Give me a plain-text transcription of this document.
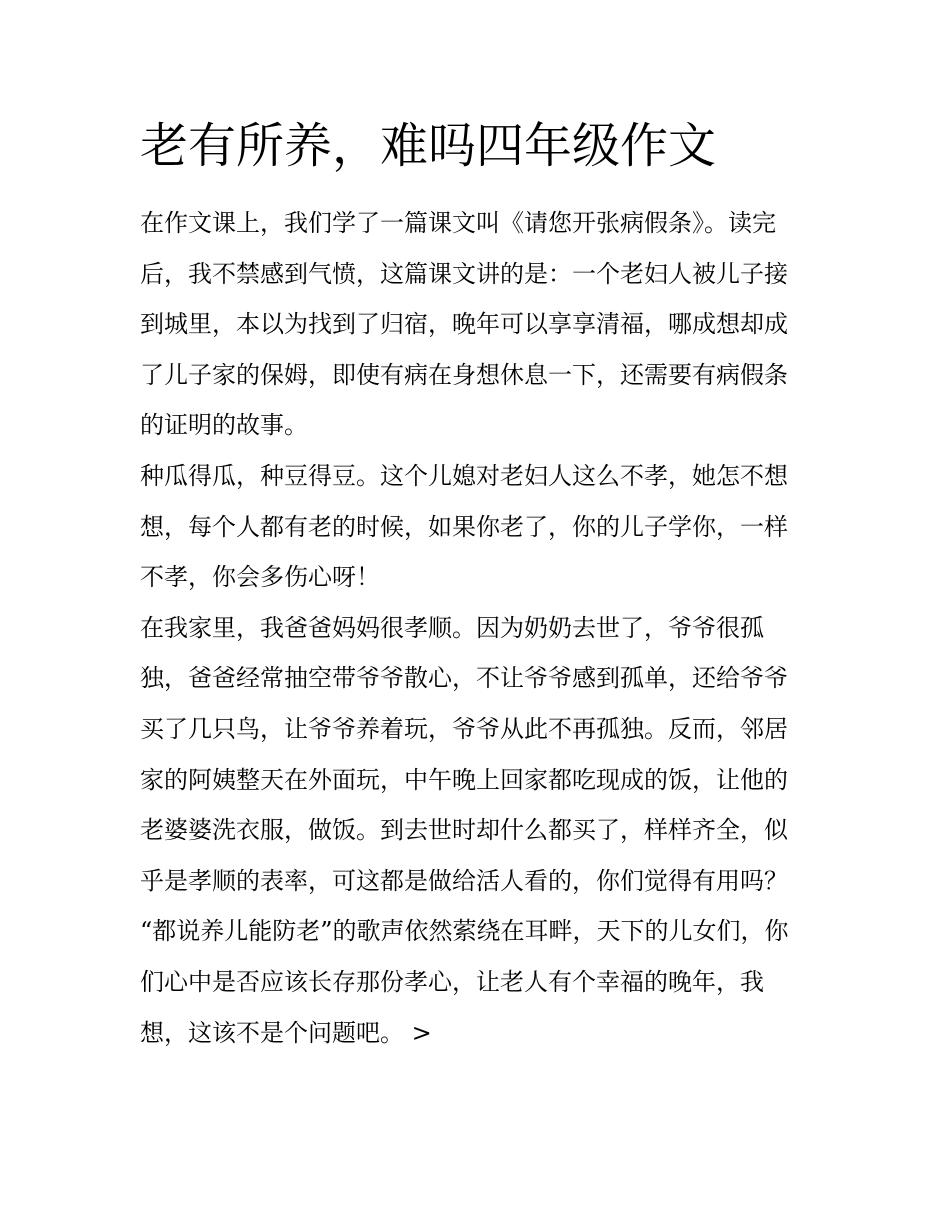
老有所养，难吗四年级作文
在作文课上，我们学了一篇课文叫《请您开张病假条》。读完
后，我不禁感到气愤，这篇课文讲的是：一个老妇人被儿子接
到城里，本以为找到了归宿，晚年可以享享清福，哪成想却成
了儿子家的保姆，即使有病在身想休息一下，还需要有病假条
的证明的故事。
种瓜得瓜，种豆得豆。这个儿媳对老妇人这么不孝，她怎不想
想，每个人都有老的时候，如果你老了，你的儿子学你，一样
不孝，你会多伤心呀！
在我家里，我爸爸妈妈很孝顺。因为奶奶去世了，爷爷很孤
独，爸爸经常抽空带爷爷散心，不让爷爷感到孤单，还给爷爷
买了几只鸟，让爷爷养着玩，爷爷从此不再孤独。反而，邻居
家的阿姨整天在外面玩，中午晚上回家都吃现成的饭，让他的
老婆婆洗衣服，做饭。到去世时却什么都买了，样样齐全，似
乎是孝顺的表率，可这都是做给活人看的，你们觉得有用吗？
“都说养儿能防老”的歌声依然萦绕在耳畔，天下的儿女们，你
们心中是否应该长存那份孝心，让老人有个幸福的晚年，我
想，这该不是个问题吧。 >
